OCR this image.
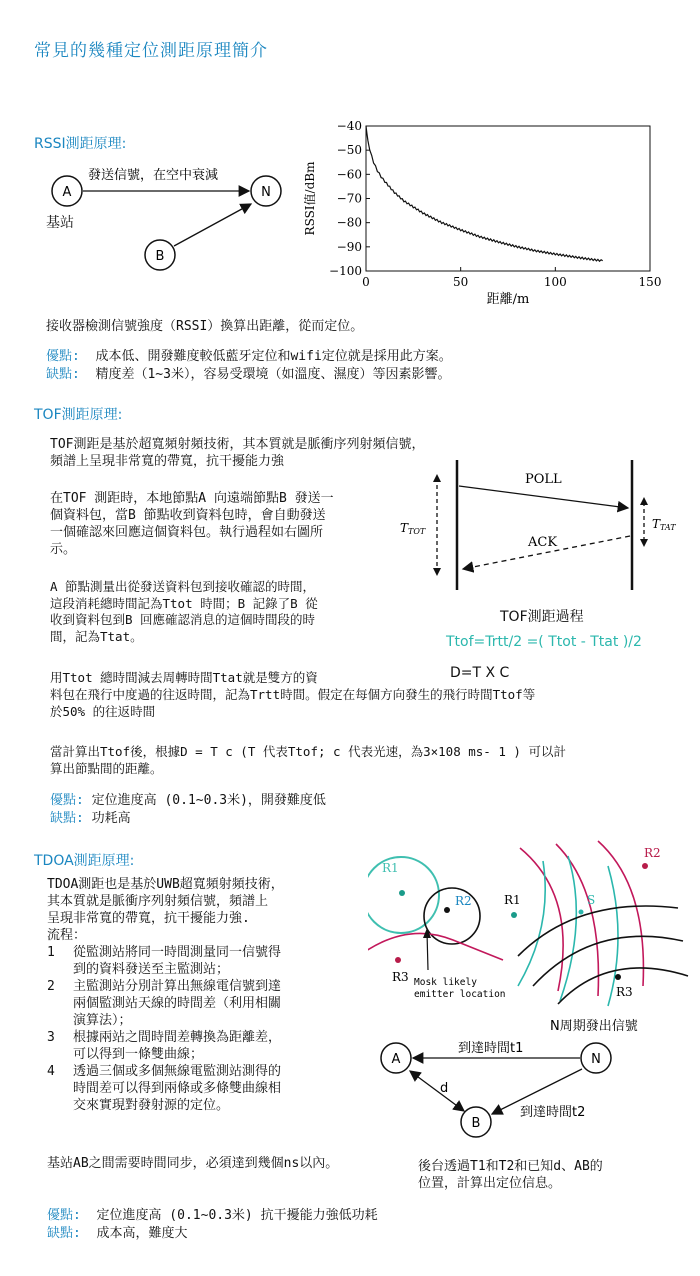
常見的幾種定位測距原理簡介
RSSI測距原理:
A	N
B
發送信號，在空中衰減
基站
0	50	100	150
−40
−50
−60
−70
−80
−90
−100
距離/m
RSSI值/dBm
接收器檢測信號強度（RSSI）換算出距離，從而定位。
優點: 成本低、開發難度較低藍牙定位和wifi定位就是採用此方案。
缺點: 精度差（1~3米），容易受環境（如溫度、濕度）等因素影響。
TOF測距原理:
TOF測距是基於超寬頻射頻技術，其本質就是脈衝序列射頻信號，
頻譜上呈現非常寬的帶寬，抗干擾能力強
在TOF 測距時，本地節點A 向遠端節點B 發送一
個資料包，當B 節點收到資料包時，會自動發送
一個確認來回應這個資料包。執行過程如右圖所
示。
A 節點測量出從發送資料包到接收確認的時間，
這段消耗總時間記為Ttot 時間；B 記錄了B 從
收到資料包到B 回應確認消息的這個時間段的時
間，記為Ttat。
用Ttot 總時間減去周轉時間Ttat就是雙方的資
料包在飛行中度過的往返時間，記為Trtt時間。假定在每個方向發生的飛行時間Ttof等
於50% 的往返時間
當計算出Ttof後，根據D = T c (T 代表Ttof; c 代表光速，為3×108 ms- 1 ) 可以計
算出節點間的距離。
POLL
ACK
TTOT
TTAT
TOF測距過程
Ttof=Trtt/2 =( Ttot - Ttat )/2
D=T X C
優點: 定位進度高 (0.1~0.3米)，開發難度低
缺點: 功耗高
TDOA測距原理:
TDOA測距也是基於UWB超寬頻射頻技術，
其本質就是脈衝序列射頻信號，頻譜上
呈現非常寬的帶寬，抗干擾能力強.
流程：
1	從監測站將同一時間測量同一信號得
到的資料發送至主監測站；
2	主監測站分別計算出無線電信號到達
兩個監測站天線的時間差（利用相關
演算法）；
3	根據兩站之間時間差轉換為距離差，
可以得到一條雙曲線；
4	透過三個或多個無線電監測站測得的
時間差可以得到兩條或多條雙曲線相
交來實現對發射源的定位。
基站AB之間需要時間同步，必須達到幾個ns以內。
R1
R2
R3 Mosk likely
emitter location
R1
R2
R3
S
N周期發出信號
A	N
B
到達時間t1
d
到達時間t2
後台透過T1和T2和已知d、AB的
位置，計算出定位信息。
優點: 定位進度高 (0.1~0.3米) 抗干擾能力強低功耗
缺點: 成本高，難度大
